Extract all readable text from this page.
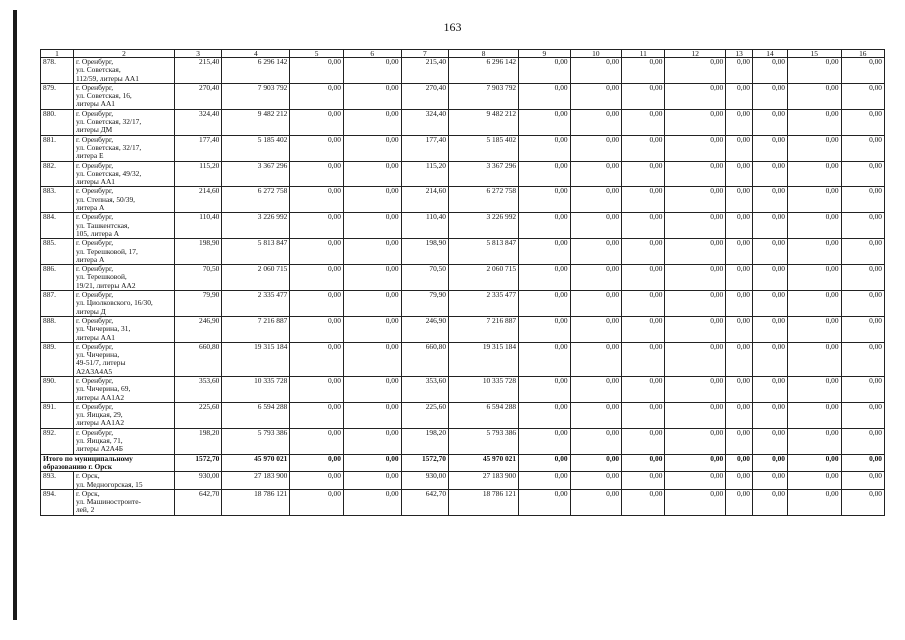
163
1	2	3	4	5	6	7	8	9	10	11	12	13	14	15	16
878.	г. Оренбург,
ул. Советская,
112/59, литеры АА1	215,40	6 296 142	0,00	0,00	215,40	6 296 142	0,00	0,00	0,00	0,00	0,00	0,00	0,00	0,00
879.	г. Оренбург,
ул. Советская, 16,
литеры АА1	270,40	7 903 792	0,00	0,00	270,40	7 903 792	0,00	0,00	0,00	0,00	0,00	0,00	0,00	0,00
880.	г. Оренбург,
ул. Советская, 32/17,
литеры ДМ	324,40	9 482 212	0,00	0,00	324,40	9 482 212	0,00	0,00	0,00	0,00	0,00	0,00	0,00	0,00
881.	г. Оренбург,
ул. Советская, 32/17,
литера Е	177,40	5 185 402	0,00	0,00	177,40	5 185 402	0,00	0,00	0,00	0,00	0,00	0,00	0,00	0,00
882.	г. Оренбург,
ул. Советская, 49/32,
литеры АА1	115,20	3 367 296	0,00	0,00	115,20	3 367 296	0,00	0,00	0,00	0,00	0,00	0,00	0,00	0,00
883.	г. Оренбург,
ул. Степная, 50/39,
литера А	214,60	6 272 758	0,00	0,00	214,60	6 272 758	0,00	0,00	0,00	0,00	0,00	0,00	0,00	0,00
884.	г. Оренбург,
ул. Ташкентская,
105, литера А	110,40	3 226 992	0,00	0,00	110,40	3 226 992	0,00	0,00	0,00	0,00	0,00	0,00	0,00	0,00
885.	г. Оренбург,
ул. Терешковой, 17,
литера А	198,90	5 813 847	0,00	0,00	198,90	5 813 847	0,00	0,00	0,00	0,00	0,00	0,00	0,00	0,00
886.	г. Оренбург,
ул. Терешковой,
19/21, литеры АА2	70,50	2 060 715	0,00	0,00	70,50	2 060 715	0,00	0,00	0,00	0,00	0,00	0,00	0,00	0,00
887.	г. Оренбург,
ул. Циолковского, 16/30,
литеры Д	79,90	2 335 477	0,00	0,00	79,90	2 335 477	0,00	0,00	0,00	0,00	0,00	0,00	0,00	0,00
888.	г. Оренбург,
ул. Чичерина, 31,
литеры АА1	246,90	7 216 887	0,00	0,00	246,90	7 216 887	0,00	0,00	0,00	0,00	0,00	0,00	0,00	0,00
889.	г. Оренбург,
ул. Чичерина,
49-51/7, литеры
А2А3А4А5	660,80	19 315 184	0,00	0,00	660,80	19 315 184	0,00	0,00	0,00	0,00	0,00	0,00	0,00	0,00
890.	г. Оренбург,
ул. Чичерина, 69,
литеры АА1А2	353,60	10 335 728	0,00	0,00	353,60	10 335 728	0,00	0,00	0,00	0,00	0,00	0,00	0,00	0,00
891.	г. Оренбург,
ул. Яицкая, 29,
литеры АА1А2	225,60	6 594 288	0,00	0,00	225,60	6 594 288	0,00	0,00	0,00	0,00	0,00	0,00	0,00	0,00
892.	г. Оренбург,
ул. Яицкая, 71,
литеры А2А4Б	198,20	5 793 386	0,00	0,00	198,20	5 793 386	0,00	0,00	0,00	0,00	0,00	0,00	0,00	0,00

Итого по муниципальному
образованию г. Орск		1572,70	45 970 021	0,00	0,00	1572,70	45 970 021	0,00	0,00	0,00	0,00	0,00	0,00	0,00	0,00
893.	г. Орск,
ул. Медногорская, 15	930,00	27 183 900	0,00	0,00	930,00	27 183 900	0,00	0,00	0,00	0,00	0,00	0,00	0,00	0,00
894.	г. Орск,
ул. Машиностроите-
лей, 2	642,70	18 786 121	0,00	0,00	642,70	18 786 121	0,00	0,00	0,00	0,00	0,00	0,00	0,00	0,00
